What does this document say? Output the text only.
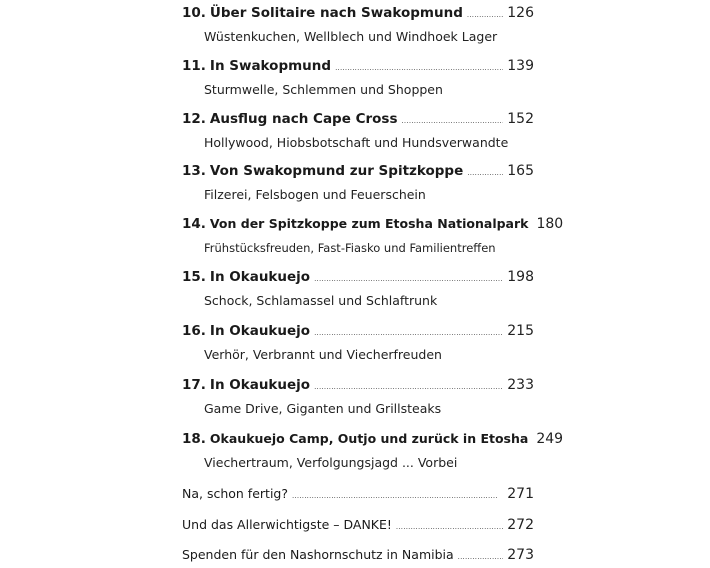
10. Über Solitaire nach Swakopmund . . .	126
Wüstenkuchen, Wellblech und Windhoek Lager
11. In Swakopmund . . .	139
Sturmwelle, Schlemmen und Shoppen
12. Ausflug nach Cape Cross . . .	152
Hollywood, Hiobsbotschaft und Hundsverwandte
13. Von Swakopmund zur Spitzkoppe . . .	165
Filzerei, Felsbogen und Feuerschein
14. Von der Spitzkoppe zum Etosha Nationalpark 180
Frühstücksfreuden, Fast-Fiasko und Familientreffen
15. In Okaukuejo . . .	198
Schock, Schlamassel und Schlaftrunk
16. In Okaukuejo . . .	215
Verhör, Verbrannt und Viecherfreuden
17. In Okaukuejo . . .	233
Game Drive, Giganten und Grillsteaks
18. Okaukuejo Camp, Outjo und zurück in Etosha 249
Viechertraum, Verfolgungsjagd ... Vorbei
Na, schon fertig? . . .	271
Und das Allerwichtigste – DANKE! . . .	272
Spenden für den Nashornschutz in Namibia . . .	273
